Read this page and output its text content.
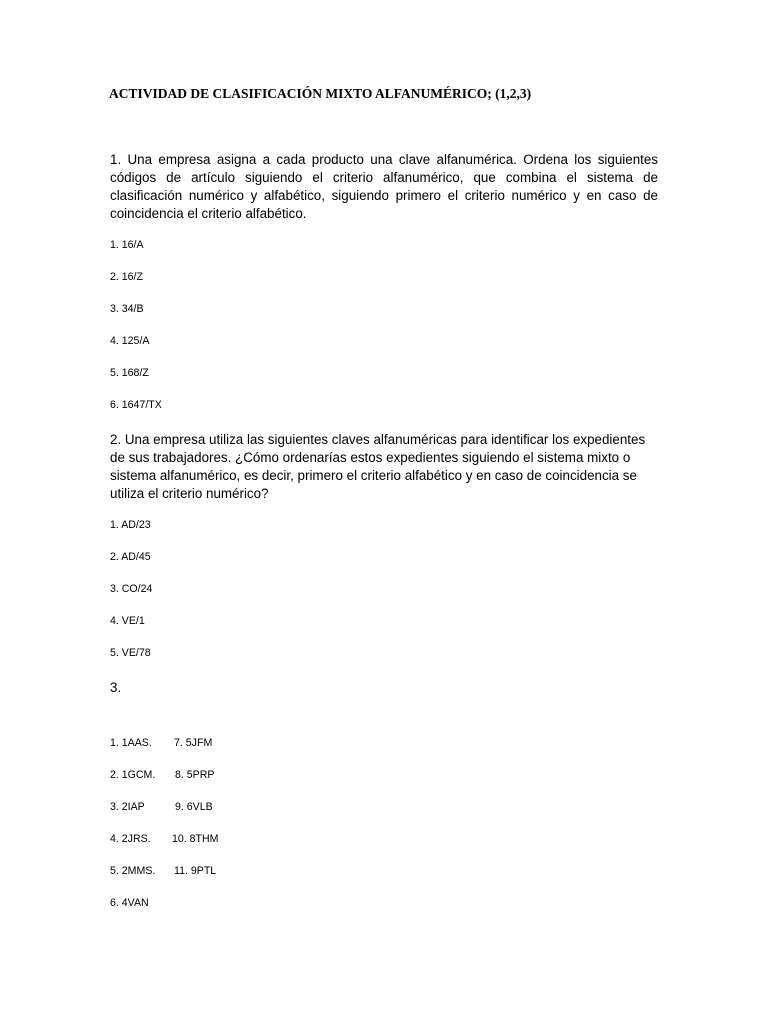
ACTIVIDAD DE CLASIFICACIÓN MIXTO ALFANUMÉRICO; (1,2,3)
1. Una empresa asigna a cada producto una clave alfanumérica. Ordena los siguientes códigos de artículo siguiendo el criterio alfanumérico, que combina el sistema de clasificación numérico y alfabético, siguiendo primero el criterio numérico y en caso de coincidencia el criterio alfabético.
1. 16/A
2. 16/Z
3. 34/B
4. 125/A
5. 168/Z
6. 1647/TX
2. Una empresa utiliza las siguientes claves alfanuméricas para identificar los expedientes de sus trabajadores. ¿Cómo ordenarías estos expedientes siguiendo el sistema mixto o sistema alfanumérico, es decir, primero el criterio alfabético y en caso de coincidencia se utiliza el criterio numérico?
1. AD/23
2. AD/45
3. CO/24
4. VE/1
5. VE/78
3.
1. 1AAS.
2. 1GCM.
3. 2IAP
4. 2JRS.
5. 2MMS.
6. 4VAN
7. 5JFM
8. 5PRP
9. 6VLB
10. 8THM
11. 9PTL
